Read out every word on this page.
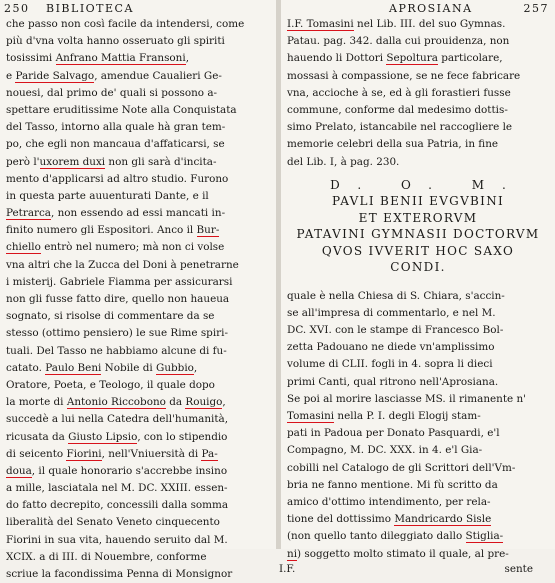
250 BIBLIOTECA
che passo non così facile da intendersi, come
più d'vna volta hanno osseruato gli spiriti
tosissimi Anfrano Mattia Fransoni,
e Paride Salvago, amendue Caualieri Ge-
nouesi, dal primo de' quali si possono a-
spettare eruditissime Note alla Conquistata
del Tasso, intorno alla quale hà gran tem-
po, che egli non mancaua d'affaticarsi, se
però l'uxorem duxi non gli sarà d'incita-
mento d'applicarsi ad altro studio. Furono
in questa parte auuenturati Dante, e il
Petrarca, non essendo ad essi mancati in-
finito numero gli Espositori. Anco il Bur-
chiello entrò nel numero; mà non ci volse
vna altri che la Zucca del Doni à penetrarne
i misterij. Gabriele Fiamma per assicurarsi
non gli fusse fatto dire, quello non haueua
sognato, si risolse di commentare da se
stesso (ottimo pensiero) le sue Rime spiri-
tuali. Del Tasso ne habbiamo alcune di fu-
catato. Paulo Beni Nobile di Gubbio,
Oratore, Poeta, e Teologo, il quale dopo
la morte di Antonio Riccobono da Rouigo,
succedè a lui nella Catedra dell'humanità,
ricusata da Giusto Lipsio, con lo stipendio
di seicento Fiorini, nell'Vniuersità di Pa-
doua, il quale honorario s'accrebbe insino
a mille, lasciatala nel M. DC. XXIII. essen-
do fatto decrepito, concessili dalla somma
liberalità del Senato Veneto cinquecento
Fiorini in sua vita, hauendo seruito dal M.
XCIX. a di III. di Nouembre, conforme
scriue la facondissima Penna di Monsignor
APROSIANA	257
I.F. Tomasini nel Lib. III. del suo Gymnas.
Patau. pag. 342. dalla cui prouidenza, non
hauendo li Dottori Sepoltura particolare,
mossasi à compassione, se ne fece fabricare
vna, accioche à se, ed à gli forastieri fusse
commune, conforme dal medesimo dottis-
simo Prelato, istancabile nel raccogliere le
memorie celebri della sua Patria, in fine
del Lib. I, à pag. 230.
D. O. M.
PAVLI BENII EVGVBINI
ET EXTERORVM
PATAVINI GYMNASII DOCTORVM
QVOS IVVERIT HOC SAXO
CONDI.
quale è nella Chiesa di S. Chiara, s'accin-
se all'impresa di commentarlo, e nel M.
DC. XVI. con le stampe di Francesco Bol-
zetta Padouano ne diede vn'amplissimo
volume di CLII. fogli in 4. sopra li dieci
primi Canti, qual ritrono nell'Aprosiana.
Se poi al morire lasciasse MS. il rimanente n'
Tomasini nella P. I. degli Elogij stam-
pati in Padoua per Donato Pasquardi, e'l
Compagno, M. DC. XXX. in 4. e'l Gia-
cobilli nel Catalogo de gli Scrittori dell'Vm-
bria ne fanno mentione. Mi fù scritto da
amico d'ottimo intendimento, per rela-
tione del dottissimo Mandricardo Sisle
(non quello tanto dileggiato dallo Stiglia-
ni) soggetto molto stimato il quale, al pre-
I.F.	sente
